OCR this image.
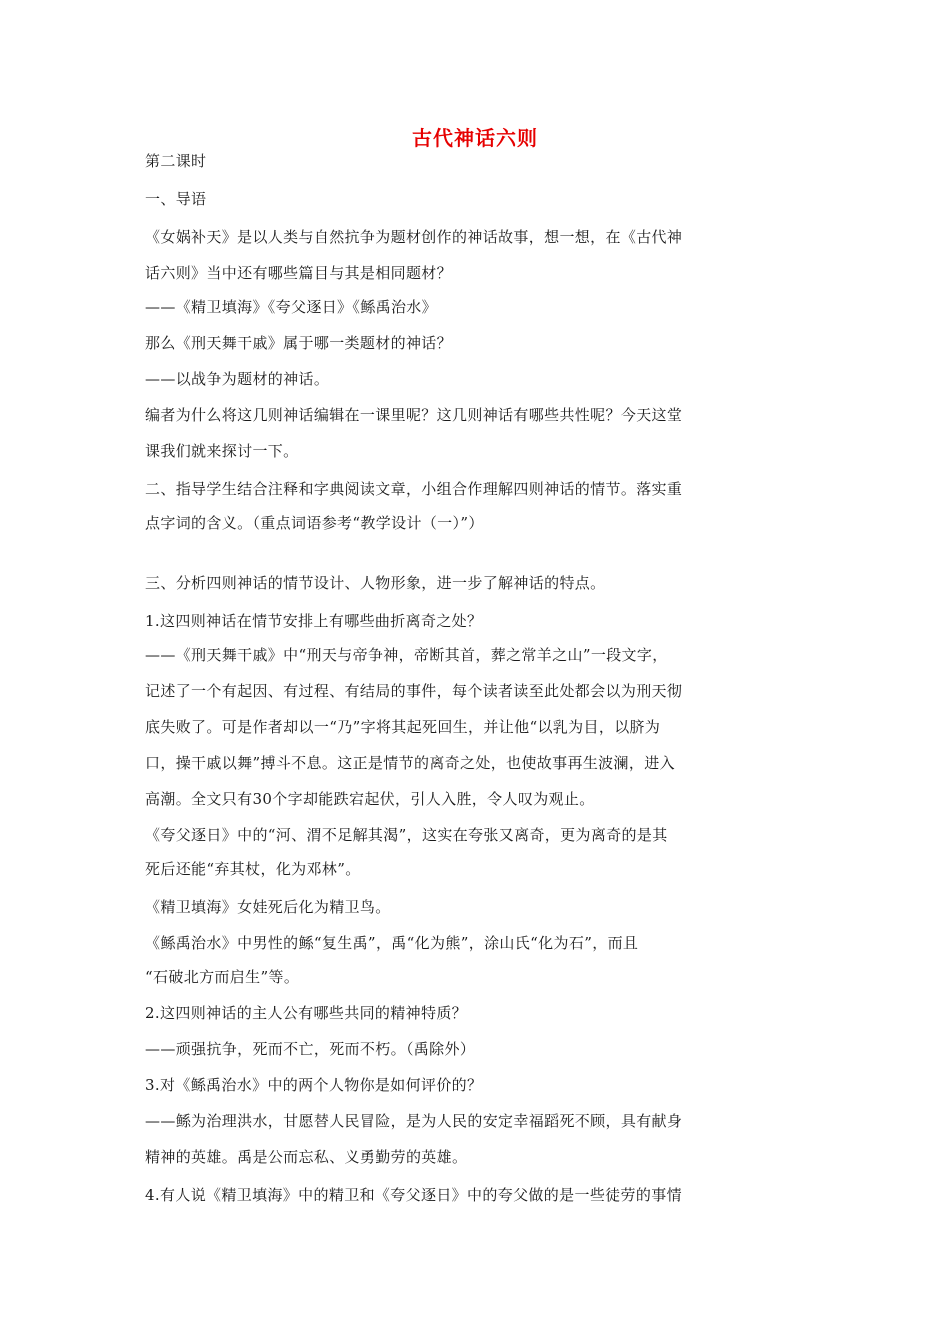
古代神话六则
第二课时
一、导语
《女娲补天》是以人类与自然抗争为题材创作的神话故事，想一想，在《古代神
话六则》当中还有哪些篇目与其是相同题材？
——《精卫填海》《夸父逐日》《鲧禹治水》
那么《刑天舞干戚》属于哪一类题材的神话？
——以战争为题材的神话。
编者为什么将这几则神话编辑在一课里呢？这几则神话有哪些共性呢？今天这堂
课我们就来探讨一下。
二、指导学生结合注释和字典阅读文章，小组合作理解四则神话的情节。落实重
点字词的含义。（重点词语参考“教学设计（一）”）
三、分析四则神话的情节设计、人物形象，进一步了解神话的特点。
1.这四则神话在情节安排上有哪些曲折离奇之处？
——《刑天舞干戚》中“刑天与帝争神，帝断其首，葬之常羊之山”一段文字，
记述了一个有起因、有过程、有结局的事件，每个读者读至此处都会以为刑天彻
底失败了。可是作者却以一“乃”字将其起死回生，并让他“以乳为目，以脐为
口，操干戚以舞”搏斗不息。这正是情节的离奇之处，也使故事再生波澜，进入
高潮。全文只有30个字却能跌宕起伏，引人入胜，令人叹为观止。
《夸父逐日》中的“河、渭不足解其渴”，这实在夸张又离奇，更为离奇的是其
死后还能“弃其杖，化为邓林”。
《精卫填海》女娃死后化为精卫鸟。
《鲧禹治水》中男性的鲧“复生禹”，禹“化为熊”，涂山氏“化为石”，而且
“石破北方而启生”等。
2.这四则神话的主人公有哪些共同的精神特质？
——顽强抗争，死而不亡，死而不朽。（禹除外）
3.对《鲧禹治水》中的两个人物你是如何评价的？
——鲧为治理洪水，甘愿替人民冒险，是为人民的安定幸福蹈死不顾，具有献身
精神的英雄。禹是公而忘私、义勇勤劳的英雄。
4.有人说《精卫填海》中的精卫和《夸父逐日》中的夸父做的是一些徒劳的事情
